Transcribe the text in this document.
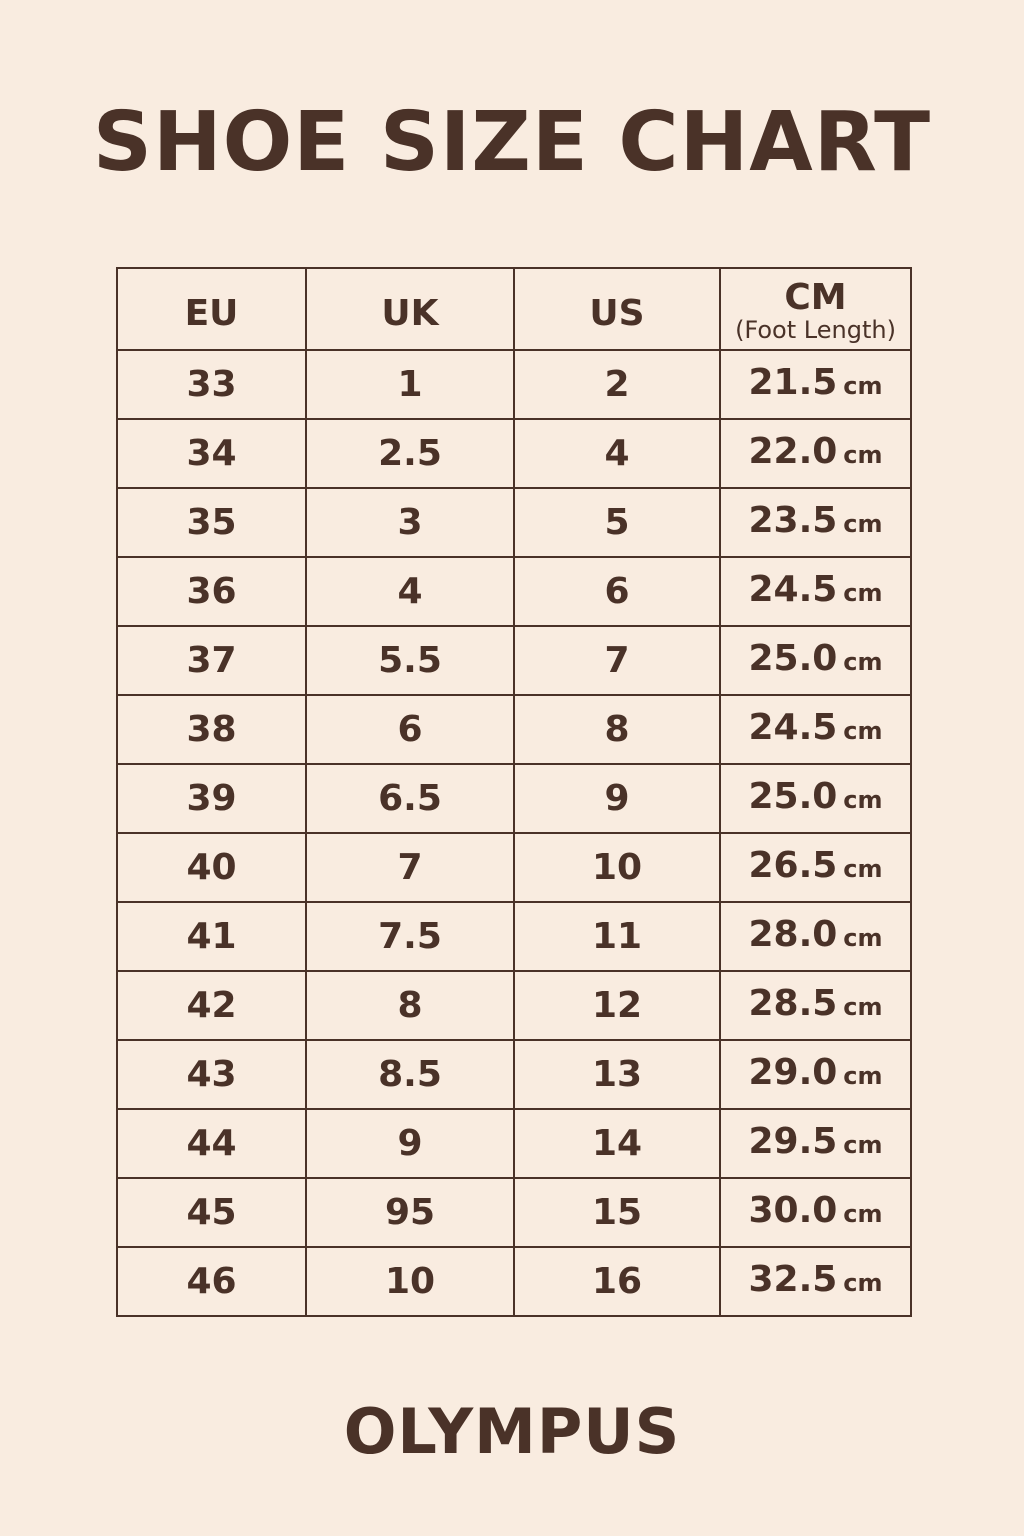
SHOE SIZE CHART
EU	UK	US	CM
(Foot Length)

33	1	2	21.5 cm
34	2.5	4	22.0 cm
35	3	5	23.5 cm
36	4	6	24.5 cm
37	5.5	7	25.0 cm
38	6	8	24.5 cm
39	6.5	9	25.0 cm
40	7	10	26.5 cm
41	7.5	11	28.0 cm
42	8	12	28.5 cm
43	8.5	13	29.0 cm
44	9	14	29.5 cm
45	95	15	30.0 cm
46	10	16	32.5 cm
OLYMPUS
